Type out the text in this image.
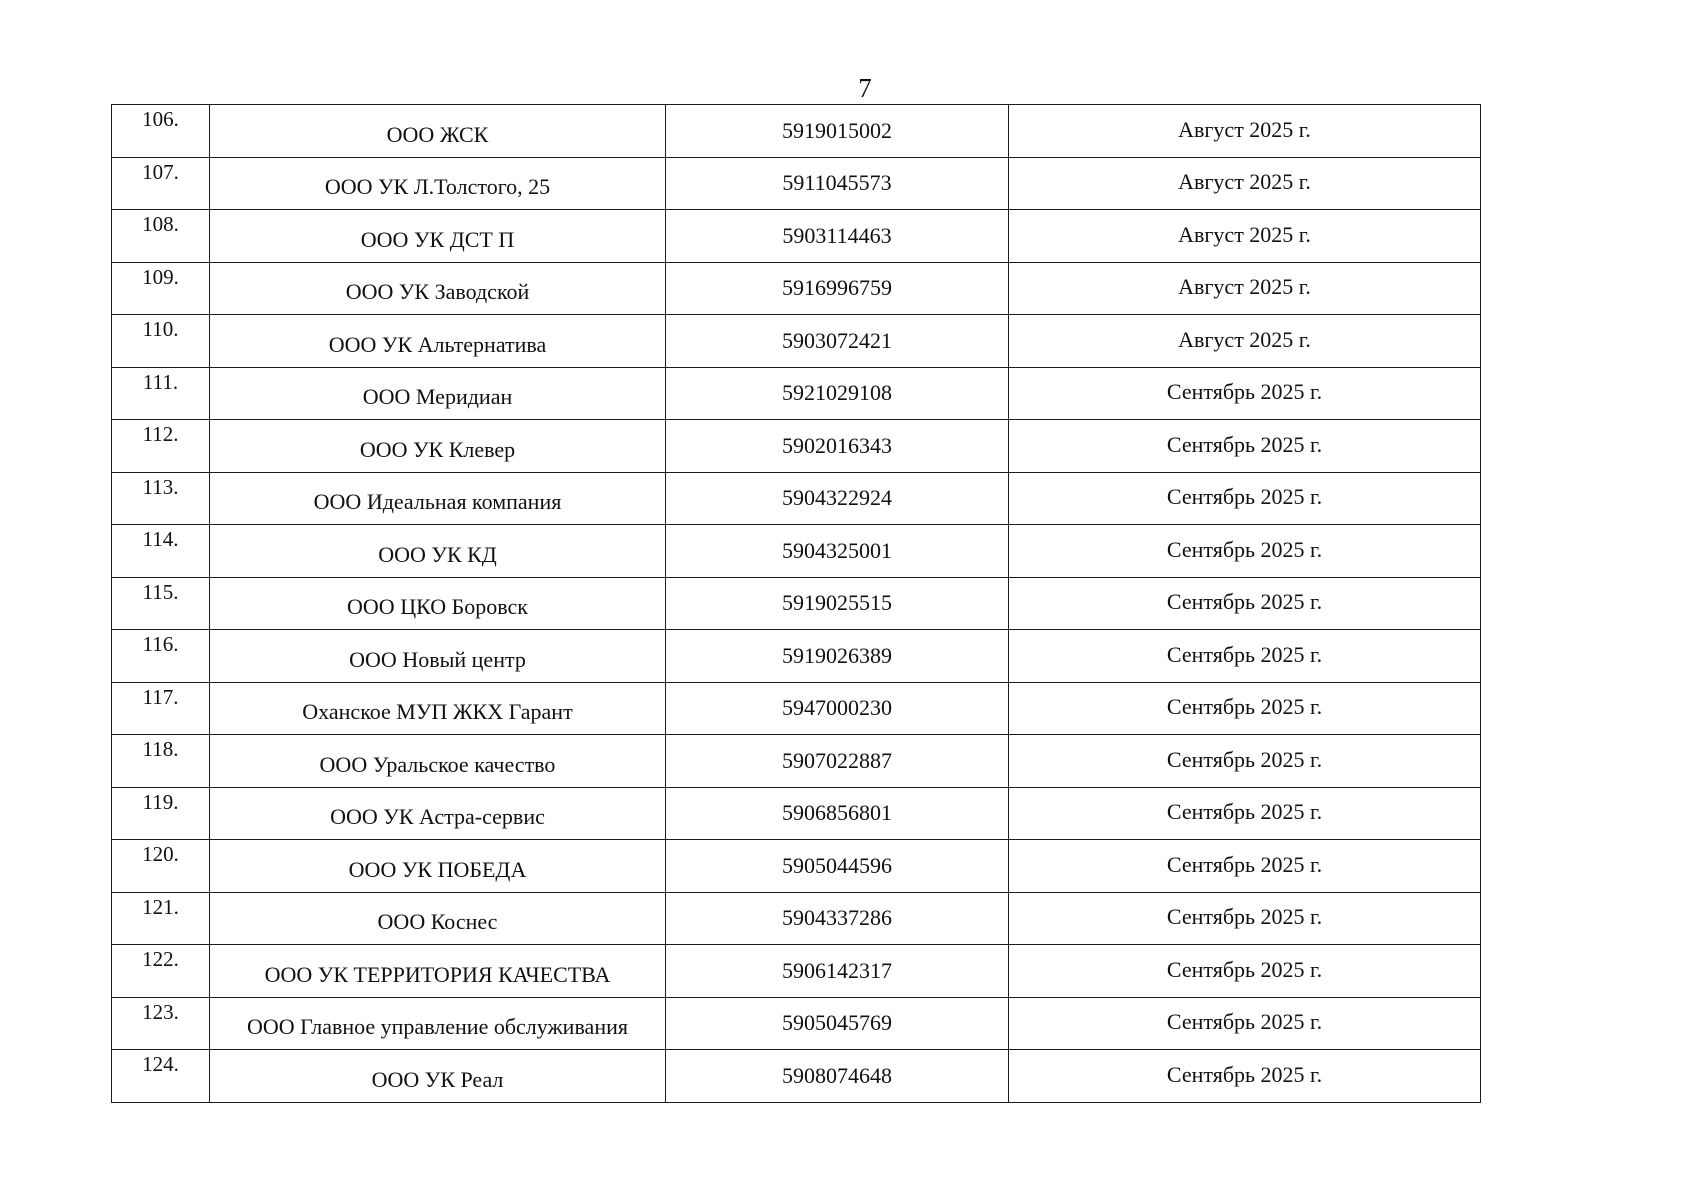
7
106.	ООО ЖСК	5919015002	Август 2025 г.
107.	ООО УК Л.Толстого, 25	5911045573	Август 2025 г.
108.	ООО УК ДСТ П	5903114463	Август 2025 г.
109.	ООО УК Заводской	5916996759	Август 2025 г.
110.	ООО УК Альтернатива	5903072421	Август 2025 г.
111.	ООО Меридиан	5921029108	Сентябрь 2025 г.
112.	ООО УК Клевер	5902016343	Сентябрь 2025 г.
113.	ООО Идеальная компания	5904322924	Сентябрь 2025 г.
114.	ООО УК КД	5904325001	Сентябрь 2025 г.
115.	ООО ЦКО Боровск	5919025515	Сентябрь 2025 г.
116.	ООО Новый центр	5919026389	Сентябрь 2025 г.
117.	Оханское МУП ЖКХ Гарант	5947000230	Сентябрь 2025 г.
118.	ООО Уральское качество	5907022887	Сентябрь 2025 г.
119.	ООО УК Астра-сервис	5906856801	Сентябрь 2025 г.
120.	ООО УК ПОБЕДА	5905044596	Сентябрь 2025 г.
121.	ООО Коснес	5904337286	Сентябрь 2025 г.
122.	ООО УК ТЕРРИТОРИЯ КАЧЕСТВА	5906142317	Сентябрь 2025 г.
123.	ООО Главное управление обслуживания	5905045769	Сентябрь 2025 г.
124.	ООО УК Реал	5908074648	Сентябрь 2025 г.
